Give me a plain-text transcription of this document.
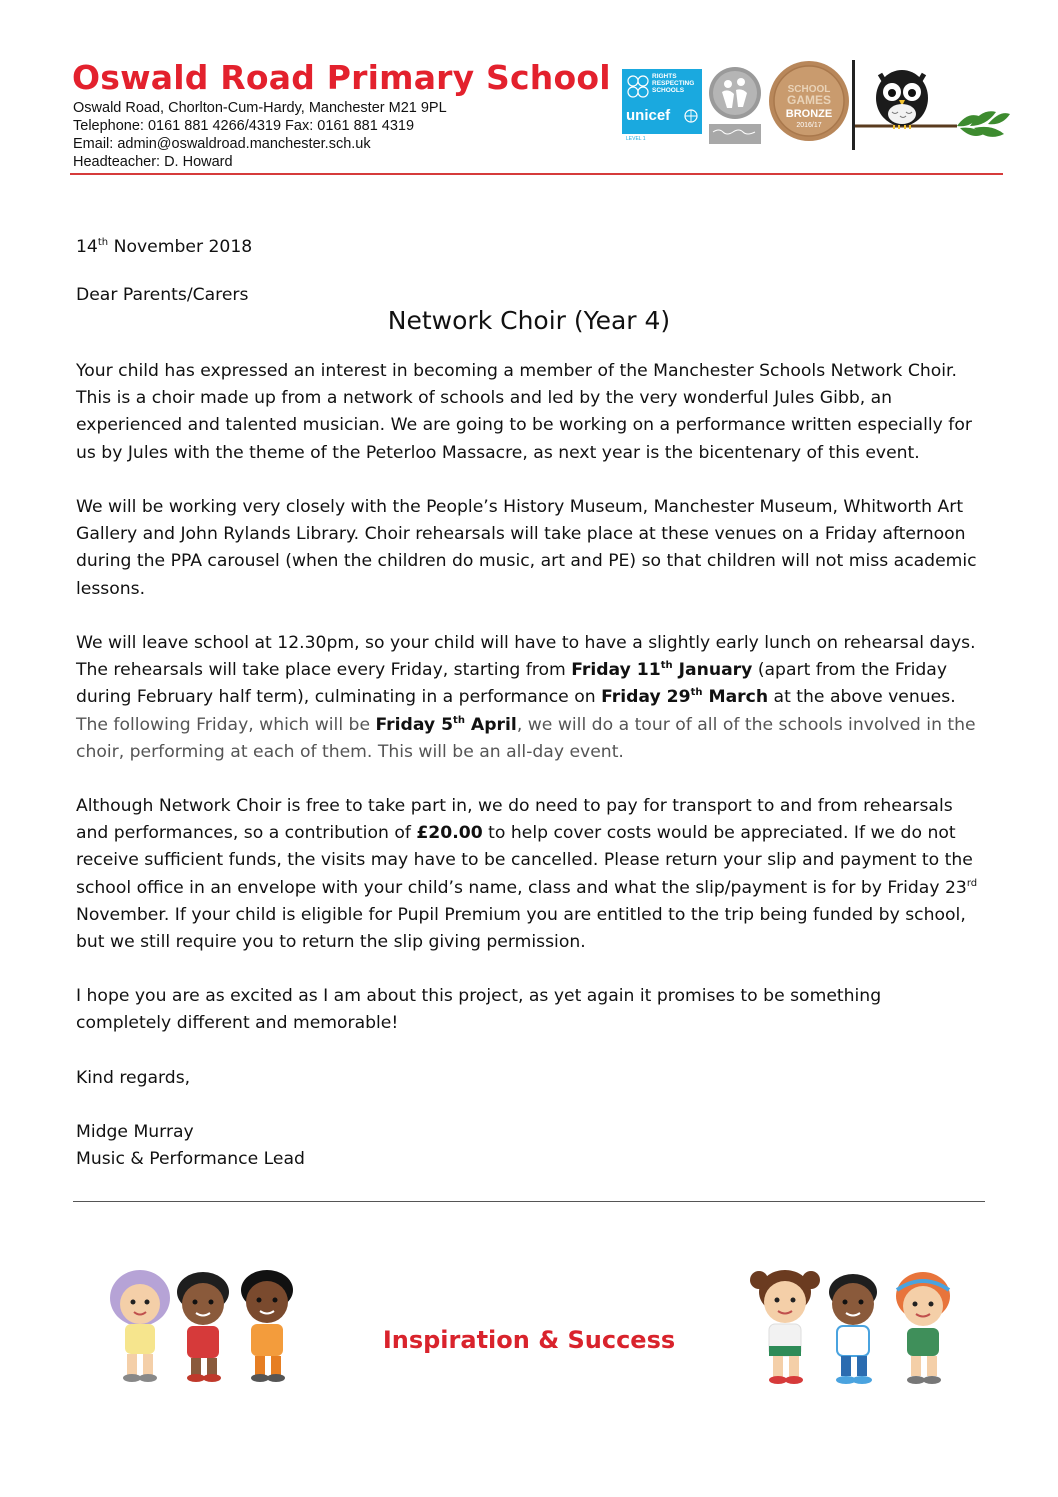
Oswald Road Primary School
Oswald Road, Chorlton-Cum-Hardy, Manchester M21 9PL
Telephone: 0161 881 4266/4319 Fax: 0161 881 4319
Email: admin@oswaldroad.manchester.sch.uk
Headteacher: D. Howard
RIGHTS RESPECTING SCHOOLS
unicef
LEVEL 1
SCHOOL
GAMES
BRONZE
2016/17

14th November 2018

Dear Parents/Carers

Network Choir (Year 4)

Your child has expressed an interest in becoming a member of the Manchester Schools Network Choir. This is a choir made up from a network of schools and led by the very wonderful Jules Gibb, an experienced and talented musician. We are going to be working on a performance written especially for us by Jules with the theme of the Peterloo Massacre, as next year is the bicentenary of this event.

We will be working very closely with the People’s History Museum, Manchester Museum, Whitworth Art Gallery and John Rylands Library. Choir rehearsals will take place at these venues on a Friday afternoon during the PPA carousel (when the children do music, art and PE) so that children will not miss academic lessons.

We will leave school at 12.30pm, so your child will have to have a slightly early lunch on rehearsal days. The rehearsals will take place every Friday, starting from Friday 11th January (apart from the Friday during February half term), culminating in a performance on Friday 29th March at the above venues. The following Friday, which will be Friday 5th April, we will do a tour of all of the schools involved in the choir, performing at each of them. This will be an all-day event.

Although Network Choir is free to take part in, we do need to pay for transport to and from rehearsals and performances, so a contribution of £20.00 to help cover costs would be appreciated. If we do not receive sufficient funds, the visits may have to be cancelled. Please return your slip and payment to the school office in an envelope with your child’s name, class and what the slip/payment is for by Friday 23rd November. If your child is eligible for Pupil Premium you are entitled to the trip being funded by school, but we still require you to return the slip giving permission.

I hope you are as excited as I am about this project, as yet again it promises to be something completely different and memorable!

Kind regards,

Midge Murray
Music & Performance Lead
Inspiration & Success
